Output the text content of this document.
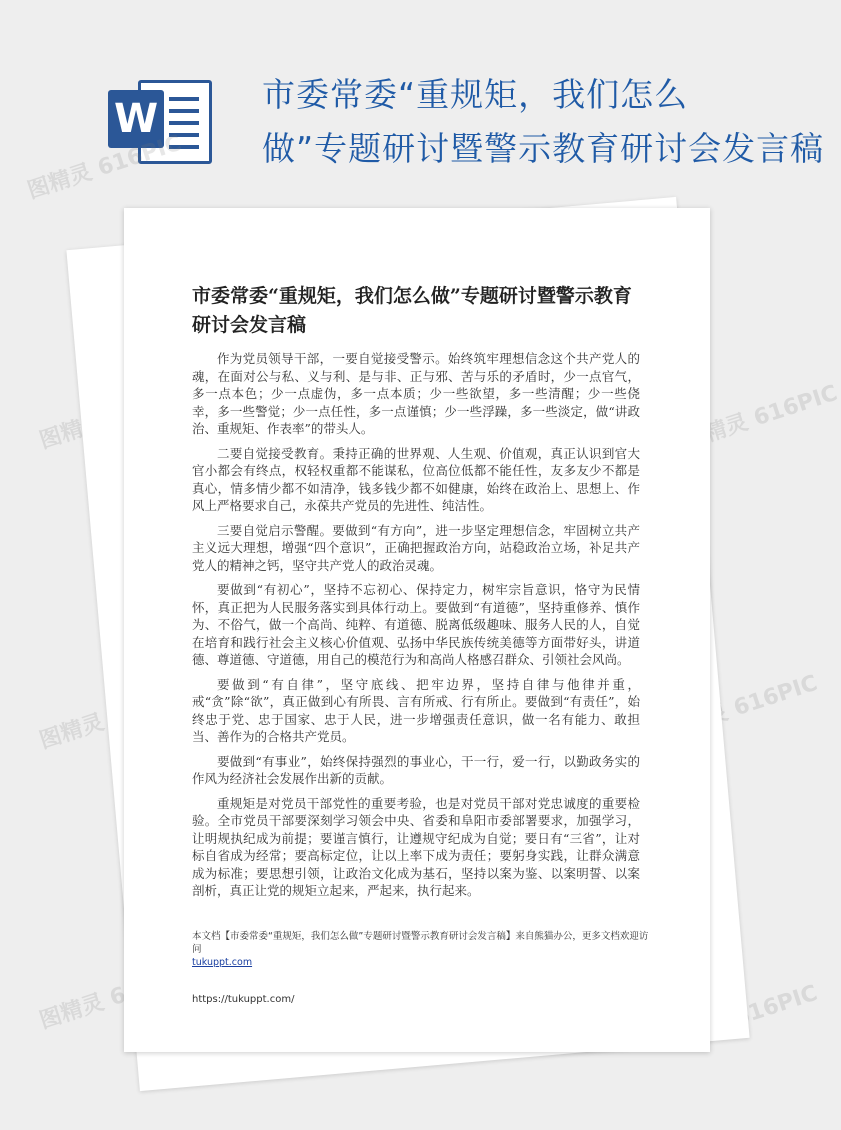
W
市委常委“重规矩，我们怎么
做”专题研讨暨警示教育研讨会发言稿
图精灵 616PIC
图精灵	图精灵 616PIC
图精灵	图精灵 616PIC
图精灵 616PIC	616PIC
市委常委“重规矩，我们怎么做”专题研讨暨警示教育研讨会发言稿

作为党员领导干部，一要自觉接受警示。始终筑牢理想信念这个共产党人的魂，在面对公与私、义与利、是与非、正与邪、苦与乐的矛盾时，少一点官气，多一点本色；少一点虚伪，多一点本质；少一些欲望，多一些清醒；少一些侥幸，多一些警觉；少一点任性，多一点谨慎；少一些浮躁，多一些淡定，做“讲政治、重规矩、作表率”的带头人。

二要自觉接受教育。秉持正确的世界观、人生观、价值观，真正认识到官大官小都会有终点，权轻权重都不能谋私，位高位低都不能任性，友多友少不都是真心，情多情少都不如清净，钱多钱少都不如健康，始终在政治上、思想上、作风上严格要求自己，永葆共产党员的先进性、纯洁性。

三要自觉启示警醒。要做到“有方向”，进一步坚定理想信念，牢固树立共产主义远大理想，增强“四个意识”，正确把握政治方向，站稳政治立场，补足共产党人的精神之钙，坚守共产党人的政治灵魂。

要做到“有初心”，坚持不忘初心、保持定力，树牢宗旨意识，恪守为民情怀，真正把为人民服务落实到具体行动上。要做到“有道德”，坚持重修养、慎作为、不俗气，做一个高尚、纯粹、有道德、脱离低级趣味、服务人民的人，自觉在培育和践行社会主义核心价值观、弘扬中华民族传统美德等方面带好头，讲道德、尊道德、守道德，用自己的模范行为和高尚人格感召群众、引领社会风尚。

要做到“有自律”，坚守底线、把牢边界，坚持自律与他律并重，戒“贪”除“欲”，真正做到心有所畏、言有所戒、行有所止。要做到“有责任”，始终忠于党、忠于国家、忠于人民，进一步增强责任意识，做一名有能力、敢担当、善作为的合格共产党员。

要做到“有事业”，始终保持强烈的事业心，干一行，爱一行，以勤政务实的作风为经济社会发展作出新的贡献。

重规矩是对党员干部党性的重要考验，也是对党员干部对党忠诚度的重要检验。全市党员干部要深刻学习领会中央、省委和阜阳市委部署要求，加强学习，让明规执纪成为前提；要谨言慎行，让遵规守纪成为自觉；要日有“三省”，让对标自省成为经常；要高标定位，让以上率下成为责任；要躬身实践，让群众满意成为标准；要思想引领，让政治文化成为基石，坚持以案为鉴、以案明誓、以案剖析，真正让党的规矩立起来，严起来，执行起来。

本文档【市委常委“重规矩，我们怎么做”专题研讨暨警示教育研讨会发言稿】来自熊猫办公，更多文档欢迎访问
tukuppt.com
https://tukuppt.com/
